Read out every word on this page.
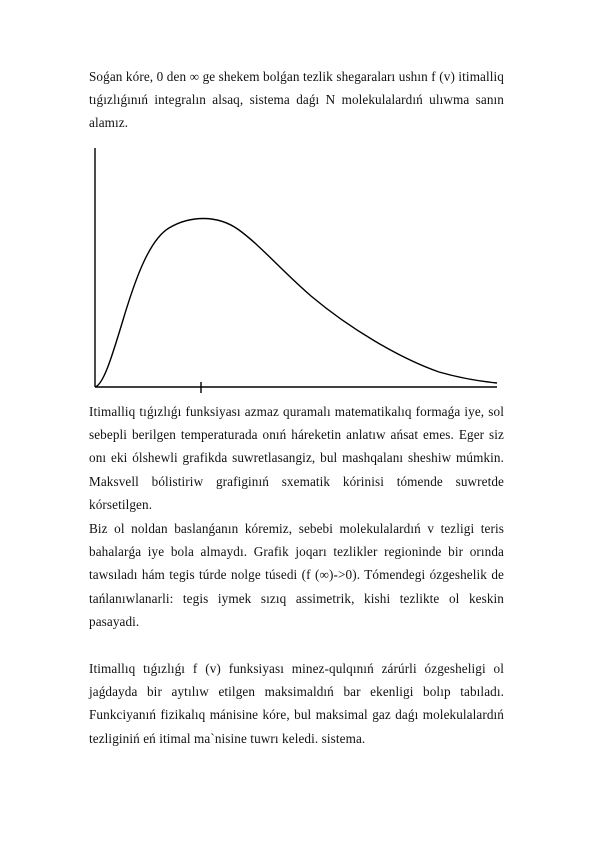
Soǵan kóre, 0 den ∞ ge shekem bolǵan tezlik shegaraları ushın f (v) itimalliq tıǵızlıǵınıń integralın alsaq, sistema daǵı N molekulalardıń ulıwma sanın alamız.

Itimalliq tıǵızlıǵı funksiyası azmaz quramalı matematikalıq formaǵa iye, sol sebepli berilgen temperaturada onıń háreketin anlatıw ańsat emes. Eger siz onı eki ólshewli grafikda suwretlasangiz, bul mashqalanı sheshiw múmkin. Maksvell bólistiriw grafiginıń sxematik kórinisi tómende suwretde kórsetilgen.

Biz ol noldan baslanǵanın kóremiz, sebebi molekulalardıń v tezligi teris bahalarǵa iye bola almaydı. Grafik joqarı tezlikler regioninde bir orında tawsıladı hám tegis túrde nolge túsedi (f (∞)->0). Tómendegi ózgeshelik de tańlanıwlanarli: tegis iymek sızıq assimetrik, kishi tezlikte ol keskin pasayadi.

Itimallıq tıǵızlıǵı f (v) funksiyası minez-qulqınıń zárúrli ózgesheligi ol jaǵdayda bir aytılıw etilgen maksimaldıń bar ekenligi bolıp tabıladı. Funkciyanıń fizikalıq mánisine kóre, bul maksimal gaz daǵı molekulalardıń tezliginiń eń itimal ma`nisine tuwrı keledi. sistema.
